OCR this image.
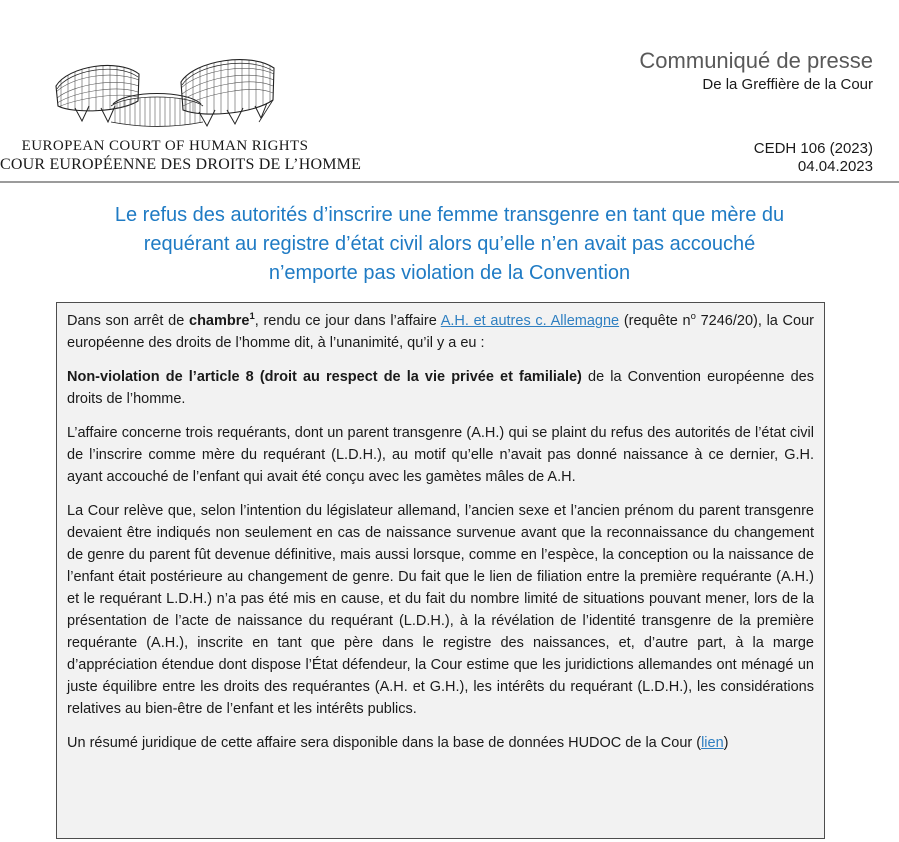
EUROPEAN COURT OF HUMAN RIGHTS
COUR EUROPÉENNE DES DROITS DE L’HOMME
Communiqué de presse
De la Greffière de la Cour
CEDH 106 (2023)
04.04.2023
Le refus des autorités d’inscrire une femme transgenre en tant que mère du
requérant au registre d’état civil alors qu’elle n’en avait pas accouché
n’emporte pas violation de la Convention

Dans son arrêt de chambre$^1$, rendu ce jour dans l’affaire A.H. et autres c. Allemagne (requête $n^o$ 7246/20), la Cour européenne des droits de l’homme dit, à l’unanimité, qu’il y a eu :

Non-violation de l’article 8 (droit au respect de la vie privée et familiale) de la Convention européenne des droits de l’homme.

L’affaire concerne trois requérants, dont un parent transgenre (A.H.) qui se plaint du refus des autorités de l’état civil de l’inscrire comme mère du requérant (L.D.H.), au motif qu’elle n’avait pas donné naissance à ce dernier, G.H. ayant accouché de l’enfant qui avait été conçu avec les gamètes mâles de A.H.

La Cour relève que, selon l’intention du législateur allemand, l’ancien sexe et l’ancien prénom du parent transgenre devaient être indiqués non seulement en cas de naissance survenue avant que la reconnaissance du changement de genre du parent fût devenue définitive, mais aussi lorsque, comme en l’espèce, la conception ou la naissance de l’enfant était postérieure au changement de genre. Du fait que le lien de filiation entre la première requérante (A.H.) et le requérant L.D.H.) n’a pas été mis en cause, et du fait du nombre limité de situations pouvant mener, lors de la présentation de l’acte de naissance du requérant (L.D.H.), à la révélation de l’identité transgenre de la première requérante (A.H.), inscrite en tant que père dans le registre des naissances, et, d’autre part, à la marge d’appréciation étendue dont dispose l’État défendeur, la Cour estime que les juridictions allemandes ont ménagé un juste équilibre entre les droits des requérantes (A.H. et G.H.), les intérêts du requérant (L.D.H.), les considérations relatives au bien-être de l’enfant et les intérêts publics.

Un résumé juridique de cette affaire sera disponible dans la base de données HUDOC de la Cour (lien)
